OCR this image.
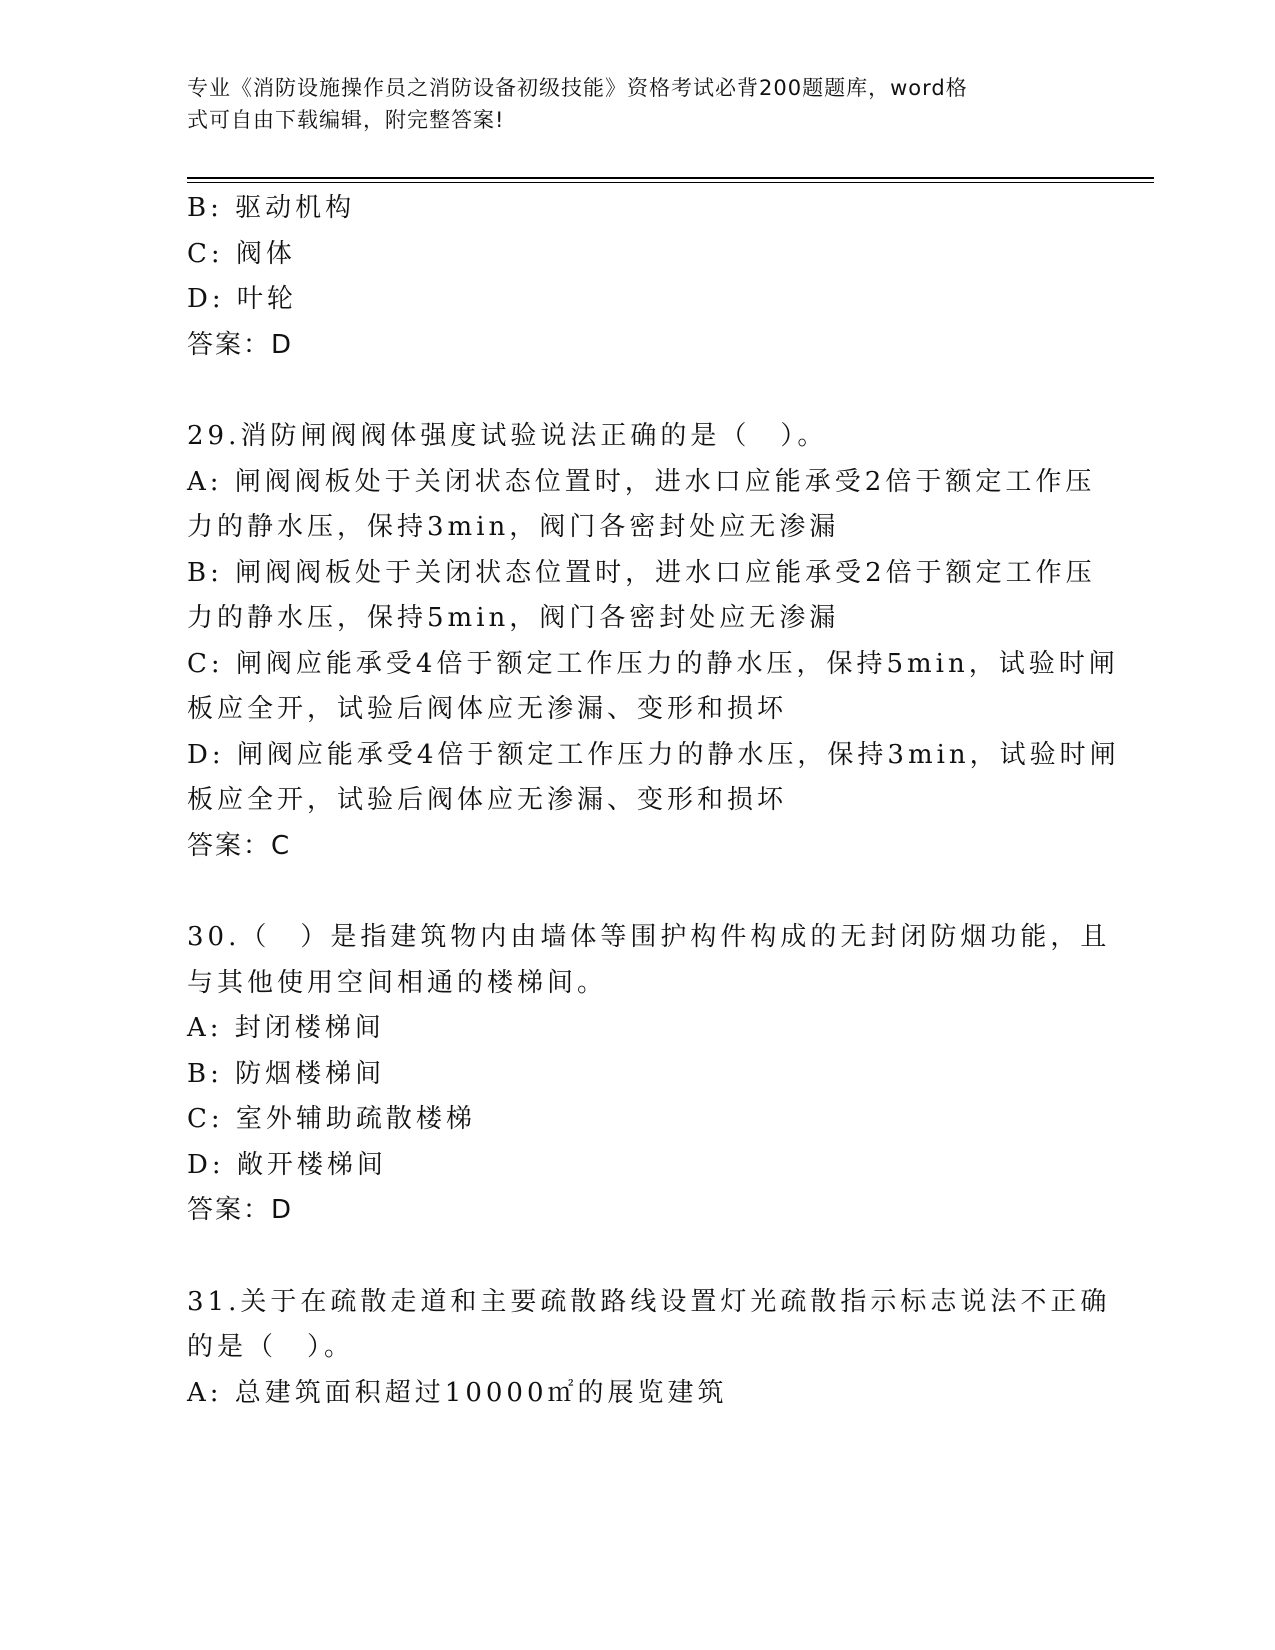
专业《消防设施操作员之消防设备初级技能》资格考试必背200题题库，word格
式可自由下载编辑，附完整答案!
B: 驱动机构
C: 阀体
D: 叶轮
答案：D
29.消防闸阀阀体强度试验说法正确的是（　）。
A: 闸阀阀板处于关闭状态位置时，进水口应能承受2倍于额定工作压
力的静水压，保持3min，阀门各密封处应无渗漏
B: 闸阀阀板处于关闭状态位置时，进水口应能承受2倍于额定工作压
力的静水压，保持5min，阀门各密封处应无渗漏
C: 闸阀应能承受4倍于额定工作压力的静水压，保持5min，试验时闸
板应全开，试验后阀体应无渗漏、变形和损坏
D: 闸阀应能承受4倍于额定工作压力的静水压，保持3min，试验时闸
板应全开，试验后阀体应无渗漏、变形和损坏
答案：C
30.（　）是指建筑物内由墙体等围护构件构成的无封闭防烟功能，且
与其他使用空间相通的楼梯间。
A: 封闭楼梯间
B: 防烟楼梯间
C: 室外辅助疏散楼梯
D: 敞开楼梯间
答案：D
31.关于在疏散走道和主要疏散路线设置灯光疏散指示标志说法不正确
的是（　）。
A: 总建筑面积超过10000㎡的展览建筑
